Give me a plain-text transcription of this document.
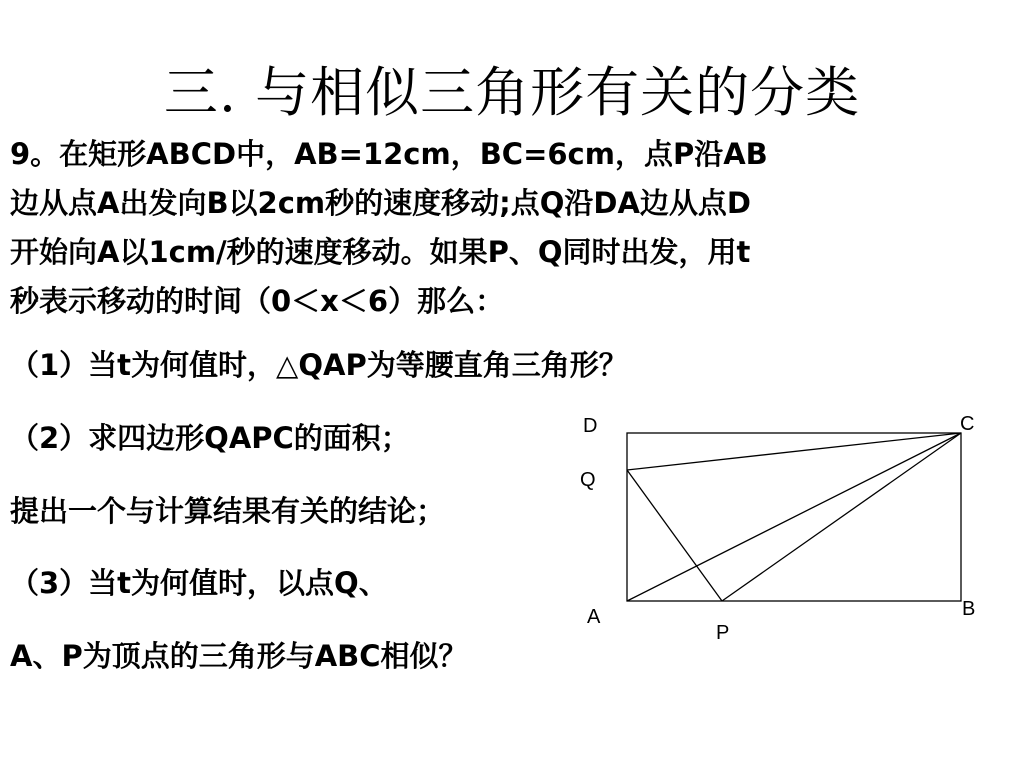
三. 与相似三角形有关的分类
9。在矩形ABCD中，AB=12cm，BC=6cm，点P沿AB
边从点A出发向B以2cm秒的速度移动;点Q沿DA边从点D
开始向A以1cm/秒的速度移动。如果P、Q同时出发，用t
秒表示移动的时间（0＜x＜6）那么：
（1）当t为何值时，△QAP为等腰直角三角形？
（2）求四边形QAPC的面积；
提出一个与计算结果有关的结论；
（3）当t为何值时，以点Q、
A、P为顶点的三角形与ABC相似？
D	C
Q
A	B
P
